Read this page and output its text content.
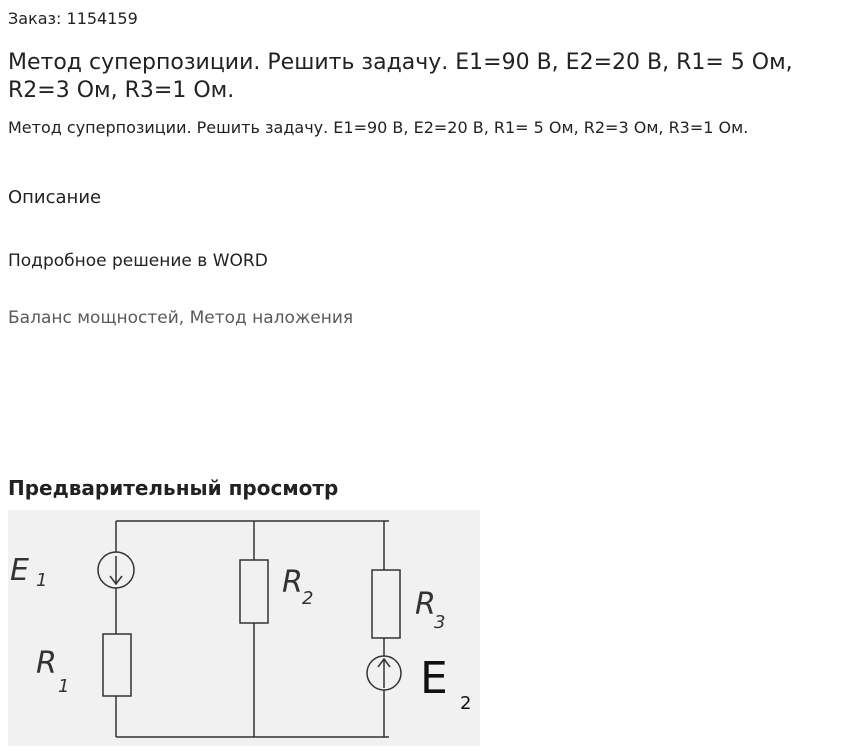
Заказ: 1154159
Метод суперпозиции. Решить задачу. E1=90 В, E2=20 В, R1= 5 Ом, R2=3 Ом, R3=1 Ом.
Метод суперпозиции. Решить задачу. E1=90 В, E2=20 В, R1= 5 Ом, R2=3 Ом, R3=1 Ом.
Описание
Подробное решение в WORD
Баланс мощностей, Метод наложения
Предварительный просмотр
E 1
R
1
R 2	R
3
E 2
